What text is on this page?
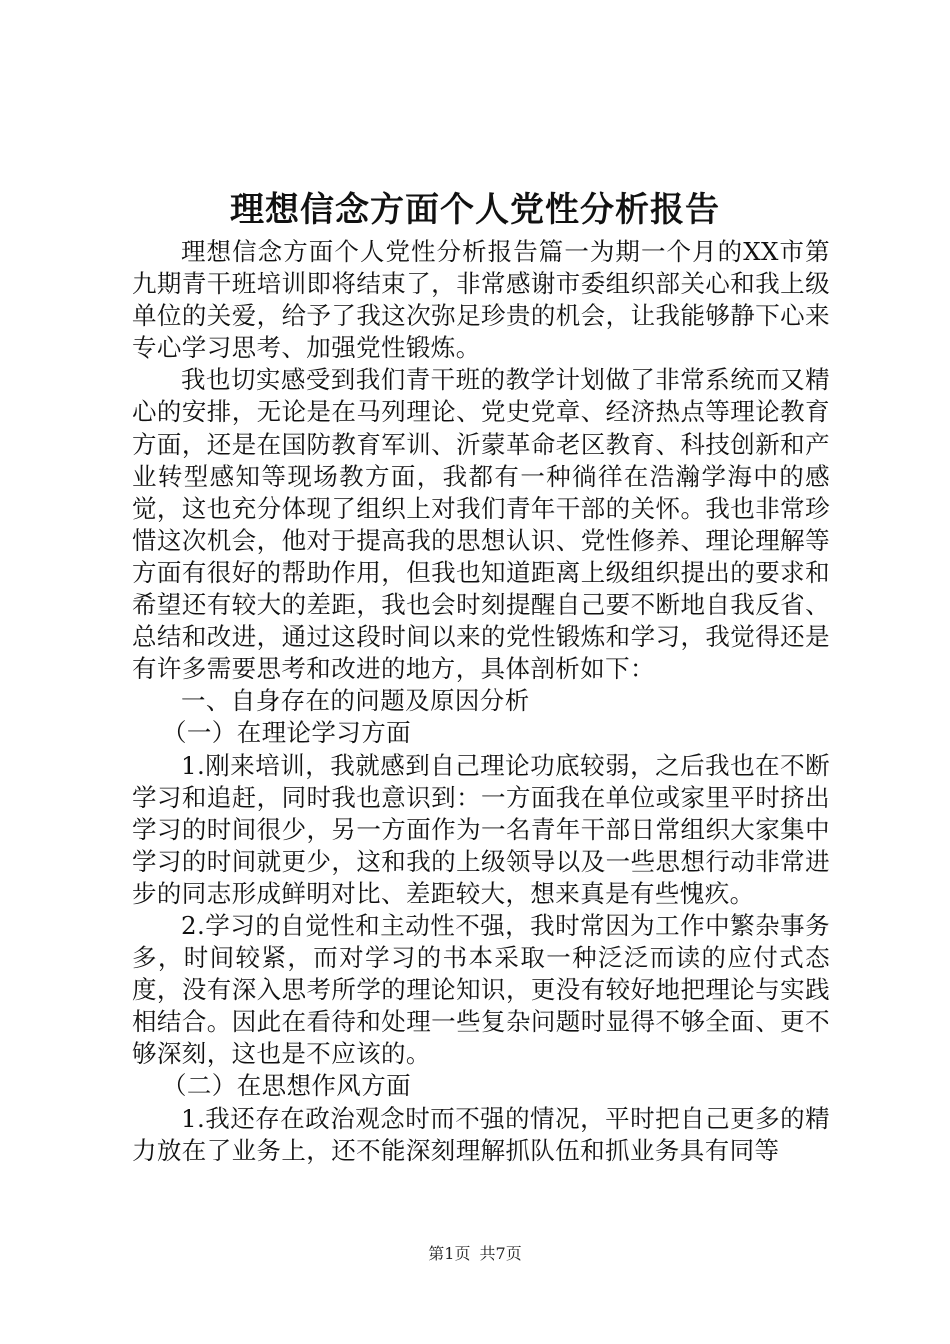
理想信念方面个人党性分析报告

理想信念方面个人党性分析报告篇一为期一个月的XX市第九期青干班培训即将结束了，非常感谢市委组织部关心和我上级单位的关爱，给予了我这次弥足珍贵的机会，让我能够静下心来专心学习思考、加强党性锻炼。

我也切实感受到我们青干班的教学计划做了非常系统而又精心的安排，无论是在马列理论、党史党章、经济热点等理论教育方面，还是在国防教育军训、沂蒙革命老区教育、科技创新和产业转型感知等现场教方面，我都有一种徜徉在浩瀚学海中的感觉，这也充分体现了组织上对我们青年干部的关怀。我也非常珍惜这次机会，他对于提高我的思想认识、党性修养、理论理解等方面有很好的帮助作用，但我也知道距离上级组织提出的要求和希望还有较大的差距，我也会时刻提醒自己要不断地自我反省、总结和改进，通过这段时间以来的党性锻炼和学习，我觉得还是有许多需要思考和改进的地方，具体剖析如下：

一、自身存在的问题及原因分析

（一）在理论学习方面

1.刚来培训，我就感到自己理论功底较弱，之后我也在不断学习和追赶，同时我也意识到：一方面我在单位或家里平时挤出学习的时间很少，另一方面作为一名青年干部日常组织大家集中学习的时间就更少，这和我的上级领导以及一些思想行动非常进步的同志形成鲜明对比、差距较大，想来真是有些愧疚。

2.学习的自觉性和主动性不强，我时常因为工作中繁杂事务多，时间较紧，而对学习的书本采取一种泛泛而读的应付式态度，没有深入思考所学的理论知识，更没有较好地把理论与实践相结合。因此在看待和处理一些复杂问题时显得不够全面、更不够深刻，这也是不应该的。

（二）在思想作风方面

1.我还存在政治观念时而不强的情况，平时把自己更多的精力放在了业务上，还不能深刻理解抓队伍和抓业务具有同等

第1页 共7页
